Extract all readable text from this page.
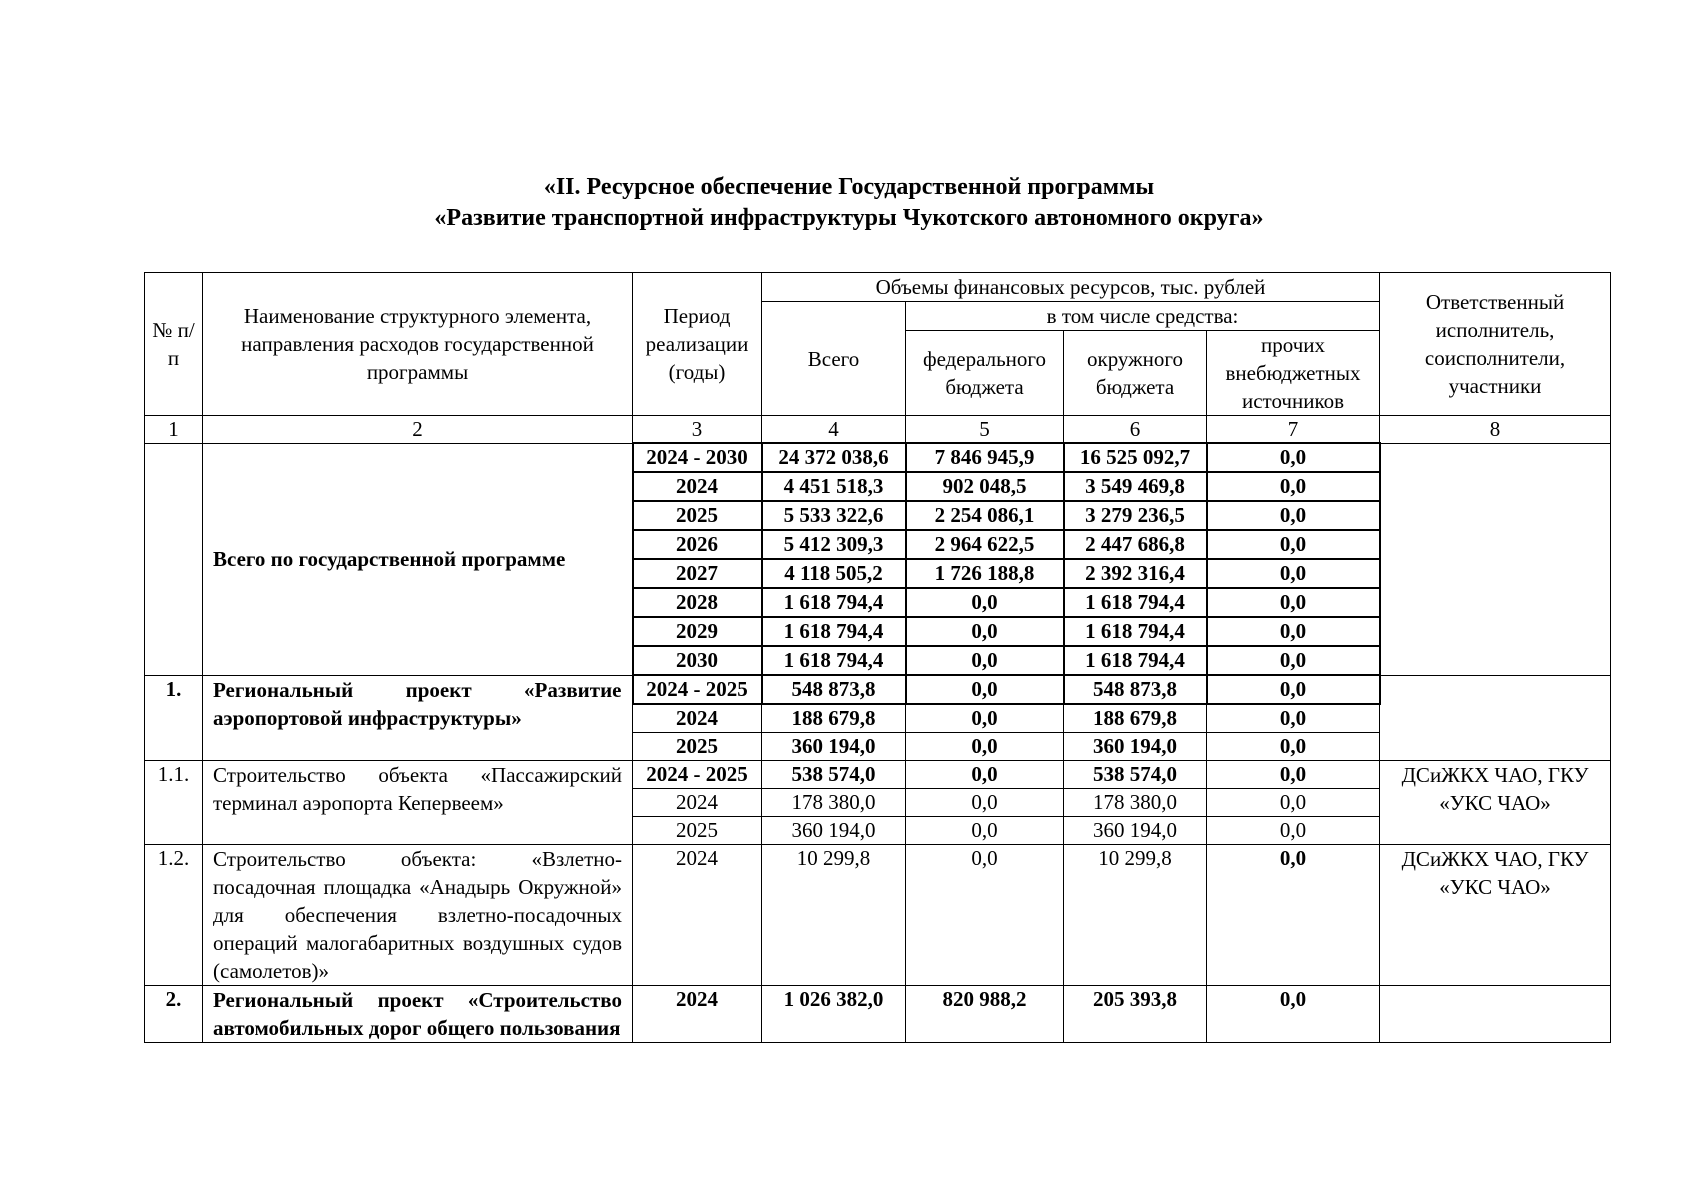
«II. Ресурсное обеспечение Государственной программы
«Развитие транспортной инфраструктуры Чукотского автономного округа»
№ п/п	Наименование структурного элемента, направления расходов государственной программы	Период реализации (годы)	Объемы финансовых ресурсов, тыс. рублей				Ответственный исполнитель, соисполнители, участники
			Всего	в том числе средства:			
				федерального бюджета	окружного бюджета	прочих внебюджетных источников	
1	2	3	4	5	6	7	8
	Всего по государственной программе	2024 - 2030	24 372 038,6	7 846 945,9	16 525 092,7	0,0	
		2024	4 451 518,3	902 048,5	3 549 469,8	0,0	
		2025	5 533 322,6	2 254 086,1	3 279 236,5	0,0	
		2026	5 412 309,3	2 964 622,5	2 447 686,8	0,0	
		2027	4 118 505,2	1 726 188,8	2 392 316,4	0,0	
		2028	1 618 794,4	0,0	1 618 794,4	0,0	
		2029	1 618 794,4	0,0	1 618 794,4	0,0	
		2030	1 618 794,4	0,0	1 618 794,4	0,0	
1.	Региональный проект «Развитие аэропортовой инфраструктуры»	2024 - 2025	548 873,8	0,0	548 873,8	0,0	
		2024	188 679,8	0,0	188 679,8	0,0	
		2025	360 194,0	0,0	360 194,0	0,0	
1.1.	Строительство объекта «Пассажирский терминал аэропорта Кепервеем»	2024 - 2025	538 574,0	0,0	538 574,0	0,0	ДСиЖКХ ЧАО, ГКУ «УКС ЧАО»
		2024	178 380,0	0,0	178 380,0	0,0	
		2025	360 194,0	0,0	360 194,0	0,0	
1.2.	Строительство объекта: «Взлетно-посадочная площадка «Анадырь Окружной» для обеспечения взлетно-посадочных операций малогабаритных воздушных судов (самолетов)»	2024	10 299,8	0,0	10 299,8	0,0	ДСиЖКХ ЧАО, ГКУ «УКС ЧАО»
2.	Региональный проект «Строительство автомобильных дорог общего пользования	2024	1 026 382,0	820 988,2	205 393,8	0,0	
